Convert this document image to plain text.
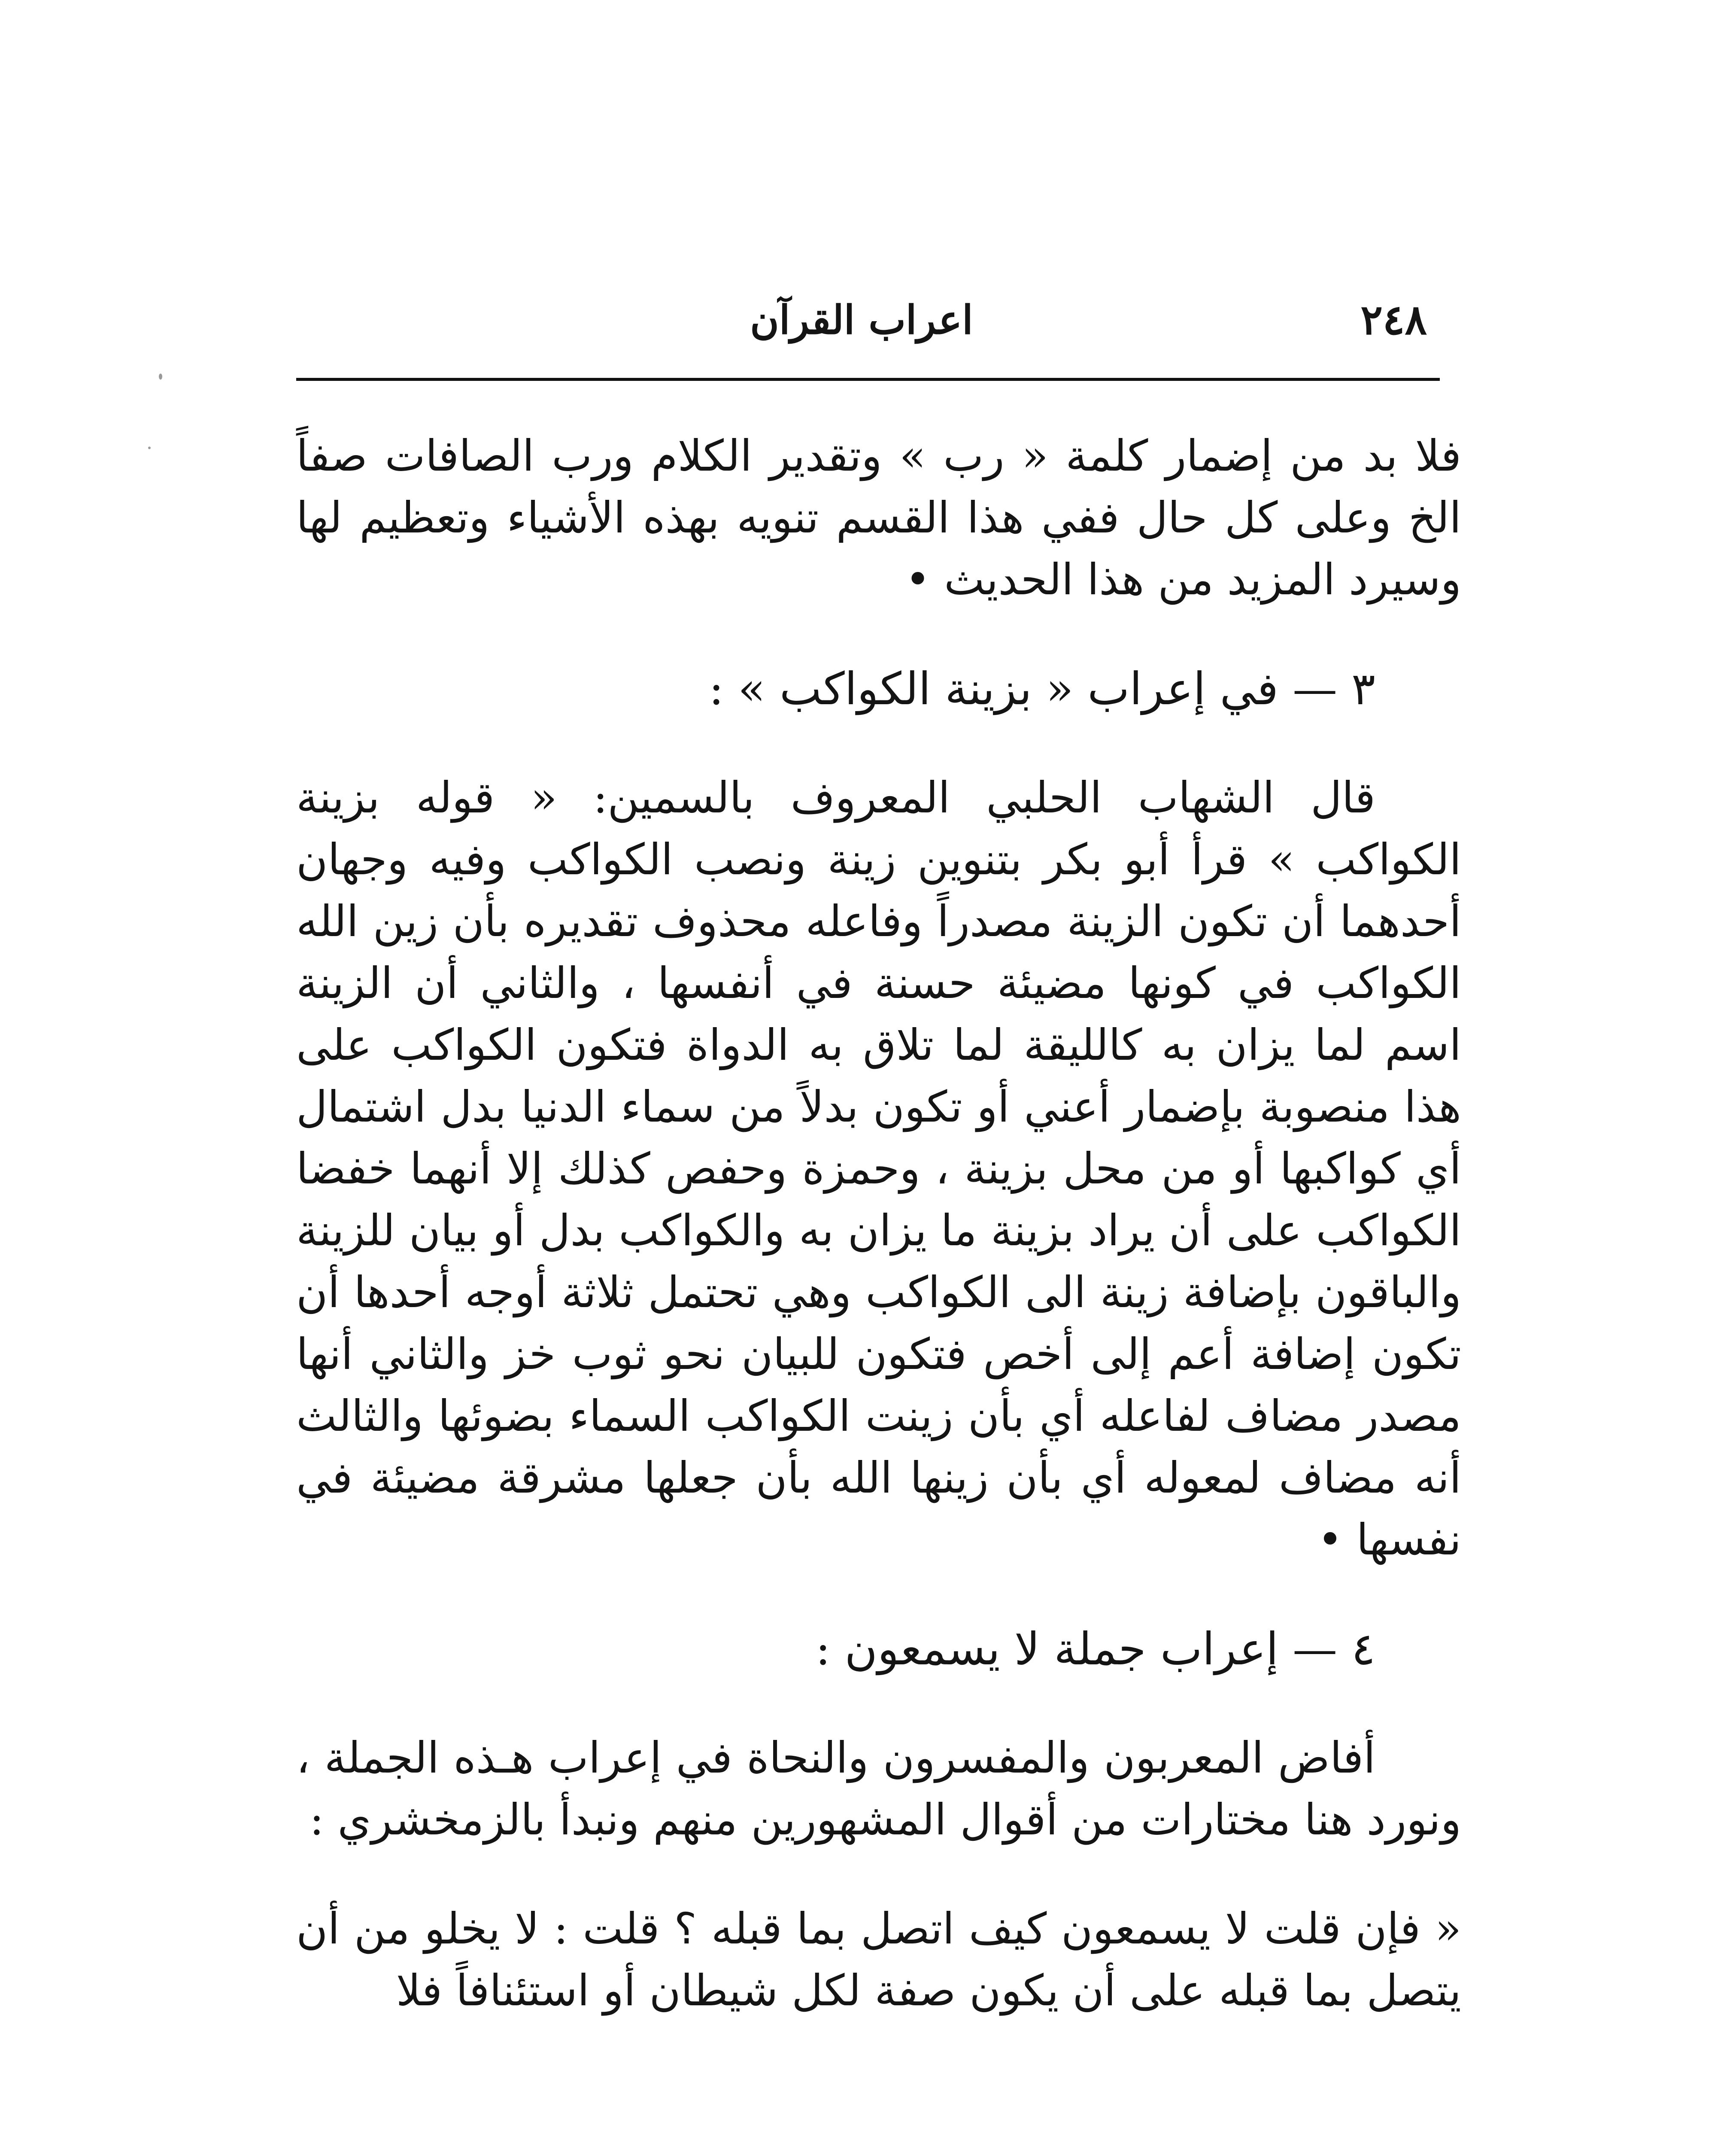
٢٤٨
اعراب القرآن

فلا بد من إضمار كلمة « رب » وتقدير الكلام ورب الصافات صفاً الخ وعلى كل حال ففي هذا القسم تنويه بهذه الأشياء وتعظيم لها وسيرد المزيد من هذا الحديث •

٣ — في إعراب « بزينة الكواكب » :

قال الشهاب الحلبي المعروف بالسمين: « قوله بزينة الكواكب » قرأ أبو بكر بتنوين زينة ونصب الكواكب وفيه وجهان أحدهما أن تكون الزينة مصدراً وفاعله محذوف تقديره بأن زين الله الكواكب في كونها مضيئة حسنة في أنفسها ، والثاني أن الزينة اسم لما يزان به كالليقة لما تلاق به الدواة فتكون الكواكب على هذا منصوبة بإضمار أعني أو تكون بدلاً من سماء الدنيا بدل اشتمال أي كواكبها أو من محل بزينة ، وحمزة وحفص كذلك إلا أنهما خفضا الكواكب على أن يراد بزينة ما يزان به والكواكب بدل أو بيان للزينة والباقون بإضافة زينة الى الكواكب وهي تحتمل ثلاثة أوجه أحدها أن تكون إضافة أعم إلى أخص فتكون للبيان نحو ثوب خز والثاني أنها مصدر مضاف لفاعله أي بأن زينت الكواكب السماء بضوئها والثالث أنه مضاف لمعوله أي بأن زينها الله بأن جعلها مشرقة مضيئة في نفسها •

٤ — إعراب جملة لا يسمعون :

أفاض المعربون والمفسرون والنحاة في إعراب هـذه الجملة ، ونورد هنا مختارات من أقوال المشهورين منهم ونبدأ بالزمخشري :

« فإن قلت لا يسمعون كيف اتصل بما قبله ؟ قلت : لا يخلو من أن يتصل بما قبله على أن يكون صفة لكل شيطان أو استئنافاً فلا
